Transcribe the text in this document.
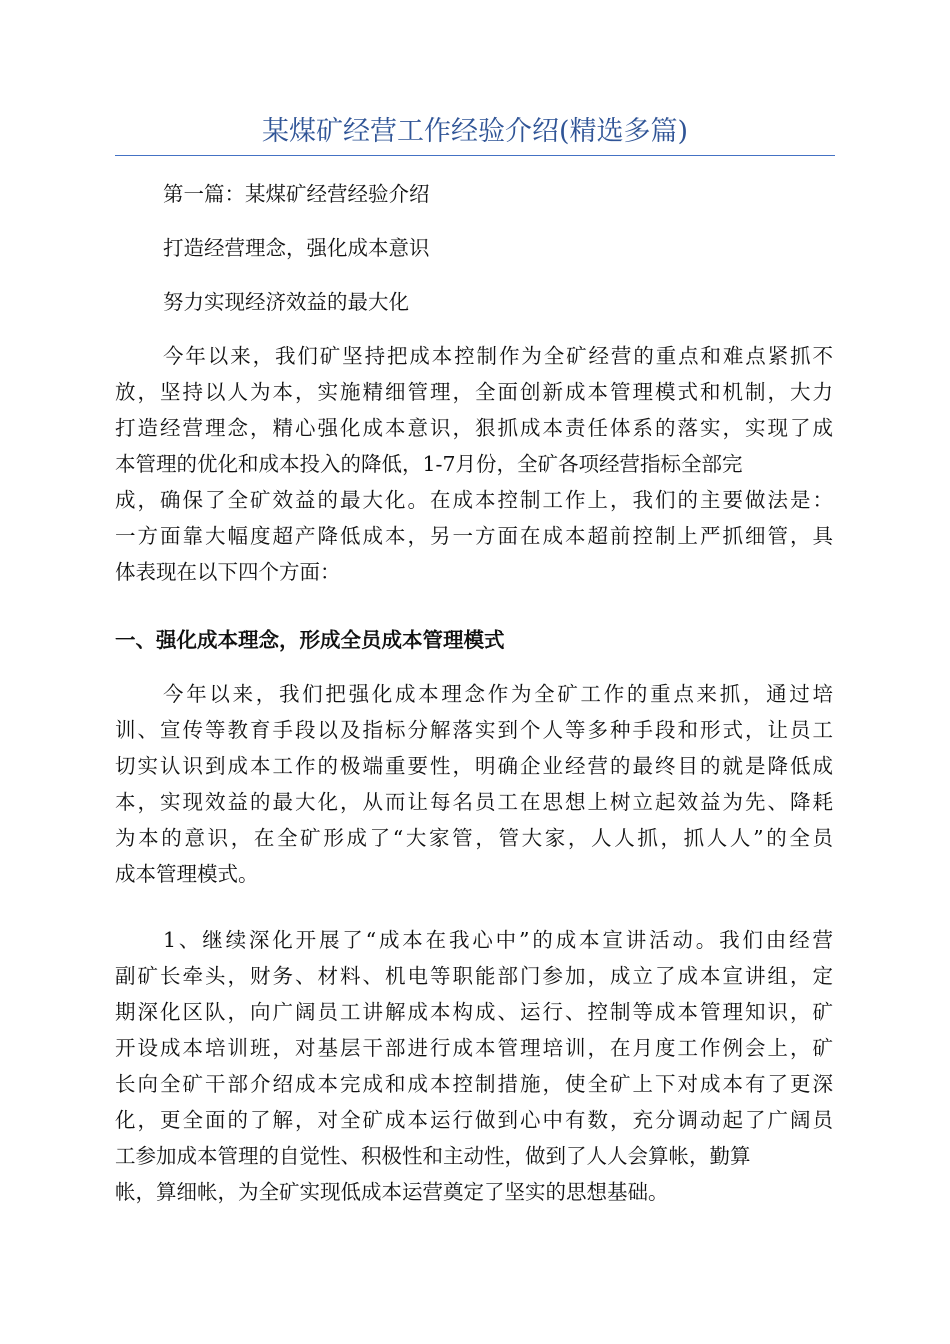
某煤矿经营工作经验介绍(精选多篇)
第一篇：某煤矿经营经验介绍
打造经营理念，强化成本意识
努力实现经济效益的最大化
今年以来，我们矿坚持把成本控制作为全矿经营的重点和难点紧抓不
放，坚持以人为本，实施精细管理，全面创新成本管理模式和机制，大力
打造经营理念，精心强化成本意识，狠抓成本责任体系的落实，实现了成
本管理的优化和成本投入的降低，1-7月份，全矿各项经营指标全部完
成，确保了全矿效益的最大化。在成本控制工作上，我们的主要做法是：
一方面靠大幅度超产降低成本，另一方面在成本超前控制上严抓细管，具
体表现在以下四个方面：
一、强化成本理念，形成全员成本管理模式
今年以来，我们把强化成本理念作为全矿工作的重点来抓，通过培
训、宣传等教育手段以及指标分解落实到个人等多种手段和形式，让员工
切实认识到成本工作的极端重要性，明确企业经营的最终目的就是降低成
本，实现效益的最大化，从而让每名员工在思想上树立起效益为先、降耗
为本的意识，在全矿形成了“大家管，管大家，人人抓，抓人人”的全员
成本管理模式。
1、继续深化开展了“成本在我心中”的成本宣讲活动。我们由经营
副矿长牵头，财务、材料、机电等职能部门参加，成立了成本宣讲组，定
期深化区队，向广阔员工讲解成本构成、运行、控制等成本管理知识，矿
开设成本培训班，对基层干部进行成本管理培训，在月度工作例会上，矿
长向全矿干部介绍成本完成和成本控制措施，使全矿上下对成本有了更深
化，更全面的了解，对全矿成本运行做到心中有数，充分调动起了广阔员
工参加成本管理的自觉性、积极性和主动性，做到了人人会算帐，勤算
帐，算细帐，为全矿实现低成本运营奠定了坚实的思想基础。
